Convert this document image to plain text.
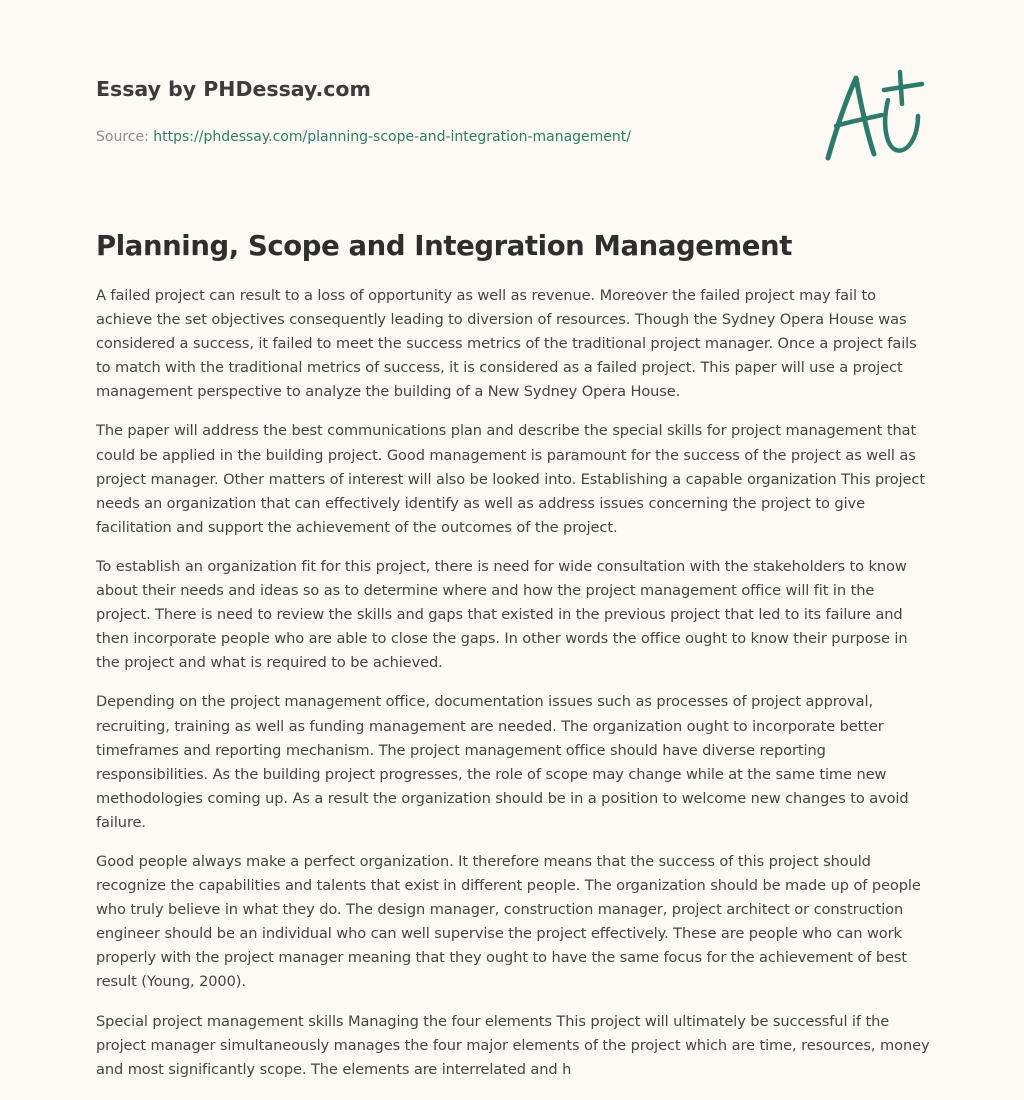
Essay by PHDessay.com
Source: https://phdessay.com/planning-scope-and-integration-management/
Planning, Scope and Integration Management

A failed project can result to a loss of opportunity as well as revenue. Moreover the failed project may fail to achieve the set objectives consequently leading to diversion of resources. Though the Sydney Opera House was considered a success, it failed to meet the success metrics of the traditional project manager. Once a project fails to match with the traditional metrics of success, it is considered as a failed project. This paper will use a project management perspective to analyze the building of a New Sydney Opera House.

The paper will address the best communications plan and describe the special skills for project management that could be applied in the building project. Good management is paramount for the success of the project as well as project manager. Other matters of interest will also be looked into. Establishing a capable organization This project needs an organization that can effectively identify as well as address issues concerning the project to give facilitation and support the achievement of the outcomes of the project.

To establish an organization fit for this project, there is need for wide consultation with the stakeholders to know about their needs and ideas so as to determine where and how the project management office will fit in the project. There is need to review the skills and gaps that existed in the previous project that led to its failure and then incorporate people who are able to close the gaps. In other words the office ought to know their purpose in the project and what is required to be achieved.

Depending on the project management office, documentation issues such as processes of project approval, recruiting, training as well as funding management are needed. The organization ought to incorporate better timeframes and reporting mechanism. The project management office should have diverse reporting responsibilities. As the building project progresses, the role of scope may change while at the same time new methodologies coming up. As a result the organization should be in a position to welcome new changes to avoid failure.

Good people always make a perfect organization. It therefore means that the success of this project should recognize the capabilities and talents that exist in different people. The organization should be made up of people who truly believe in what they do. The design manager, construction manager, project architect or construction engineer should be an individual who can well supervise the project effectively. These are people who can work properly with the project manager meaning that they ought to have the same focus for the achievement of best result (Young, 2000).

Special project management skills Managing the four elements This project will ultimately be successful if the project manager simultaneously manages the four major elements of the project which are time, resources, money and most significantly scope. The elements are interrelated and h
